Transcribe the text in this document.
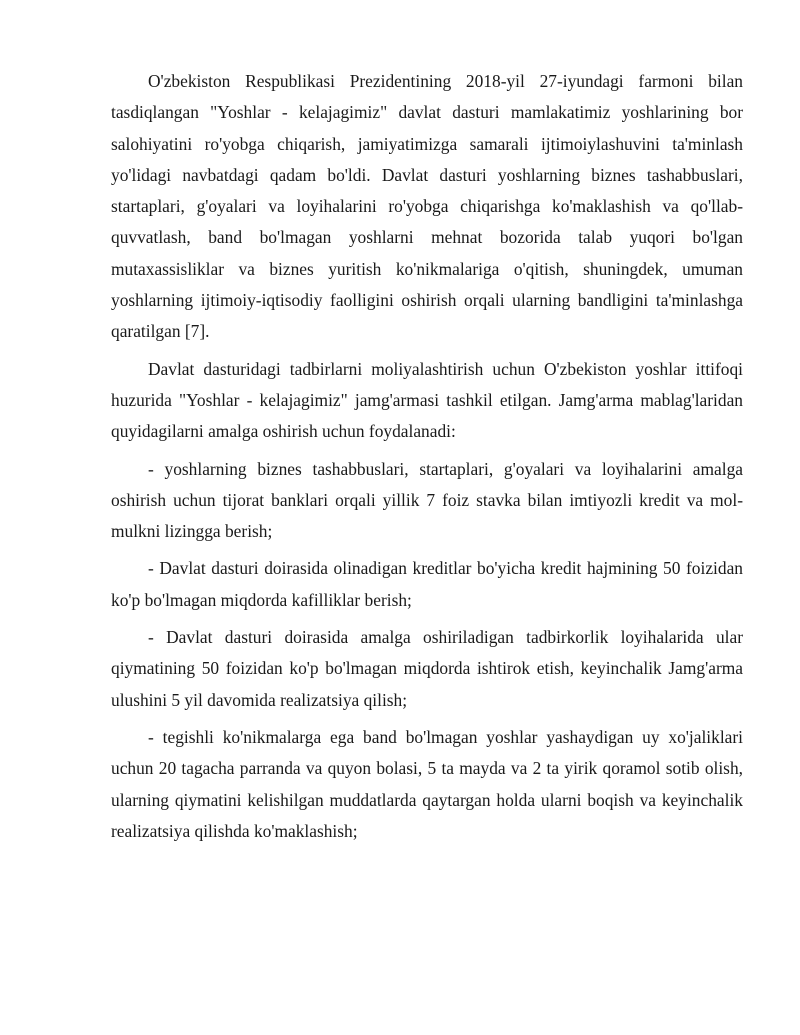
O'zbekiston Respublikasi Prezidentining 2018-yil 27-iyundagi farmoni bilan tasdiqlangan "Yoshlar - kelajagimiz" davlat dasturi mamlakatimiz yoshlarining bor salohiyatini ro'yobga chiqarish, jamiyatimizga samarali ijtimoiylashuvini ta'minlash yo'lidagi navbatdagi qadam bo'ldi. Davlat dasturi yoshlarning biznes tashabbuslari, startaplari, g'oyalari va loyihalarini ro'yobga chiqarishga ko'maklashish va qo'llab-quvvatlash, band bo'lmagan yoshlarni mehnat bozorida talab yuqori bo'lgan mutaxassisliklar va biznes yuritish ko'nikmalariga o'qitish, shuningdek, umuman yoshlarning ijtimoiy-iqtisodiy faolligini oshirish orqali ularning bandligini ta'minlashga qaratilgan [7].

Davlat dasturidagi tadbirlarni moliyalashtirish uchun O'zbekiston yoshlar ittifoqi huzurida "Yoshlar - kelajagimiz" jamg'armasi tashkil etilgan. Jamg'arma mablag'laridan quyidagilarni amalga oshirish uchun foydalanadi:

- yoshlarning biznes tashabbuslari, startaplari, g'oyalari va loyihalarini amalga oshirish uchun tijorat banklari orqali yillik 7 foiz stavka bilan imtiyozli kredit va mol-mulkni lizingga berish;

- Davlat dasturi doirasida olinadigan kreditlar bo'yicha kredit hajmining 50 foizidan ko'p bo'lmagan miqdorda kafilliklar berish;

- Davlat dasturi doirasida amalga oshiriladigan tadbirkorlik loyihalarida ular qiymatining 50 foizidan ko'p bo'lmagan miqdorda ishtirok etish, keyinchalik Jamg'arma ulushini 5 yil davomida realizatsiya qilish;

- tegishli ko'nikmalarga ega band bo'lmagan yoshlar yashaydigan uy xo'jaliklari uchun 20 tagacha parranda va quyon bolasi, 5 ta mayda va 2 ta yirik qoramol sotib olish, ularning qiymatini kelishilgan muddatlarda qaytargan holda ularni boqish va keyinchalik realizatsiya qilishda ko'maklashish;
